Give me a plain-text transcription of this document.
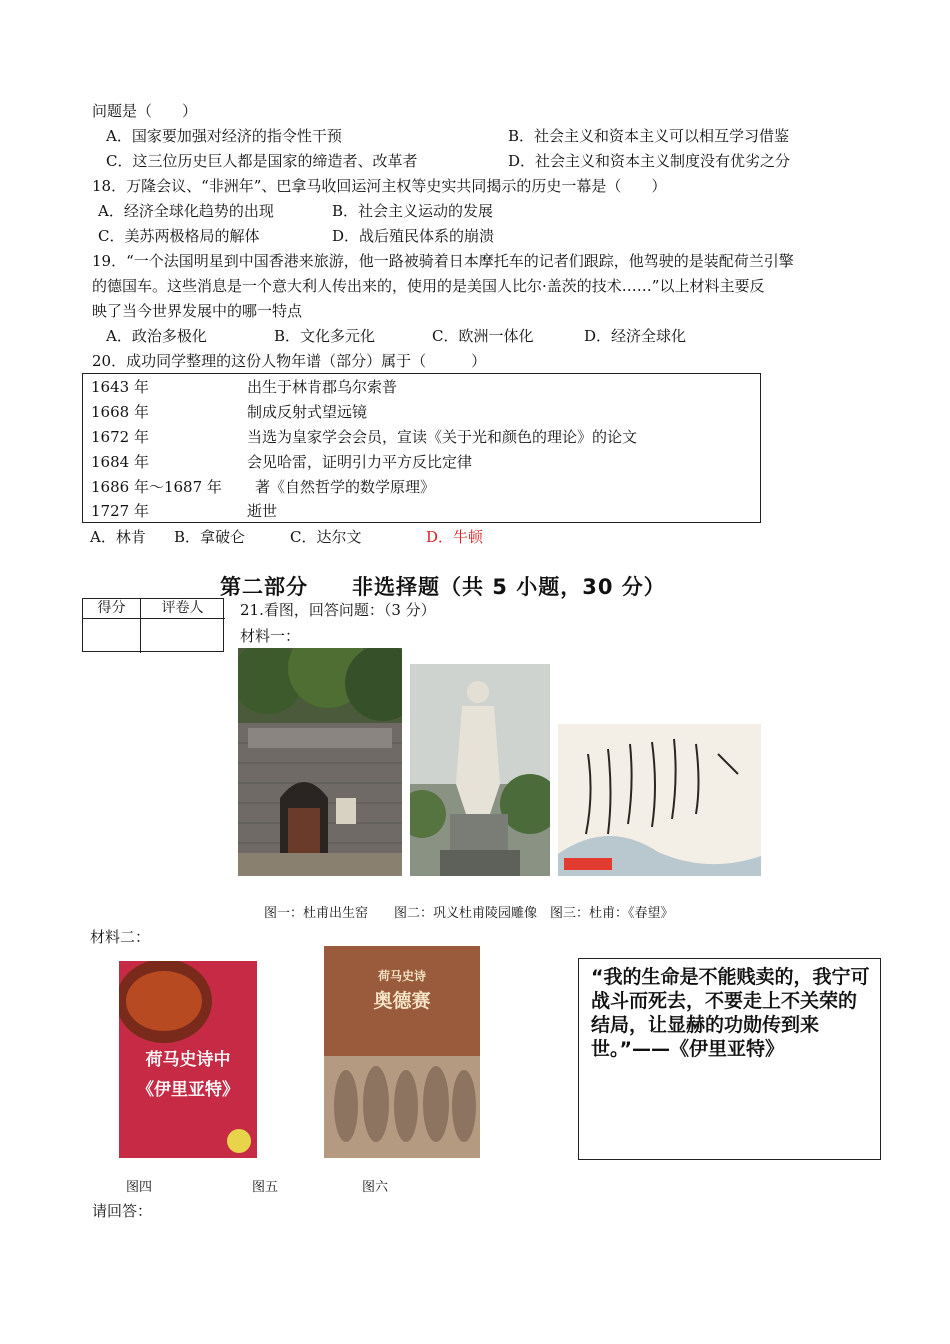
问题是（　　）
A．国家要加强对经济的指令性干预	B．社会主义和资本主义可以相互学习借鉴
C．这三位历史巨人都是国家的缔造者、改革者	D．社会主义和资本主义制度没有优劣之分
18．万隆会议、“非洲年”、巴拿马收回运河主权等史实共同揭示的历史一幕是（　　）
A．经济全球化趋势的出现	B．社会主义运动的发展
C．美苏两极格局的解体	D．战后殖民体系的崩溃
19．“一个法国明星到中国香港来旅游，他一路被骑着日本摩托车的记者们跟踪，他驾驶的是装配荷兰引擎
的德国车。这些消息是一个意大利人传出来的，使用的是美国人比尔·盖茨的技术……”以上材料主要反
映了当今世界发展中的哪一特点
A．政治多极化	B．文化多元化	C．欧洲一体化	D．经济全球化
20．成功同学整理的这份人物年谱（部分）属于（　　　）
1643 年	出生于林肯郡乌尔索普
1668 年	制成反射式望远镜
1672 年	当选为皇家学会会员，宣读《关于光和颜色的理论》的论文
1684 年	会见哈雷，证明引力平方反比定律
1686 年～1687 年 著《自然哲学的数学原理》
1727 年	逝世
A．林肯 B．拿破仑	C．达尔文	D．牛顿
第二部分　　非选择题（共 5 小题，30 分）
得分	评卷人	21.看图，回答问题：（3 分）
材料一：
图一：杜甫出生窑　　图二：巩义杜甫陵园雕像　图三：杜甫：《春望》
材料二：
荷马史诗中
《伊里亚特》
荷马史诗
奥德赛
“我的生命是不能贱卖的，我宁可战斗而死去，不要走上不关荣的结局，让显赫的功勋传到来世。”——《伊里亚特》
图四	图五	图六
请回答：
